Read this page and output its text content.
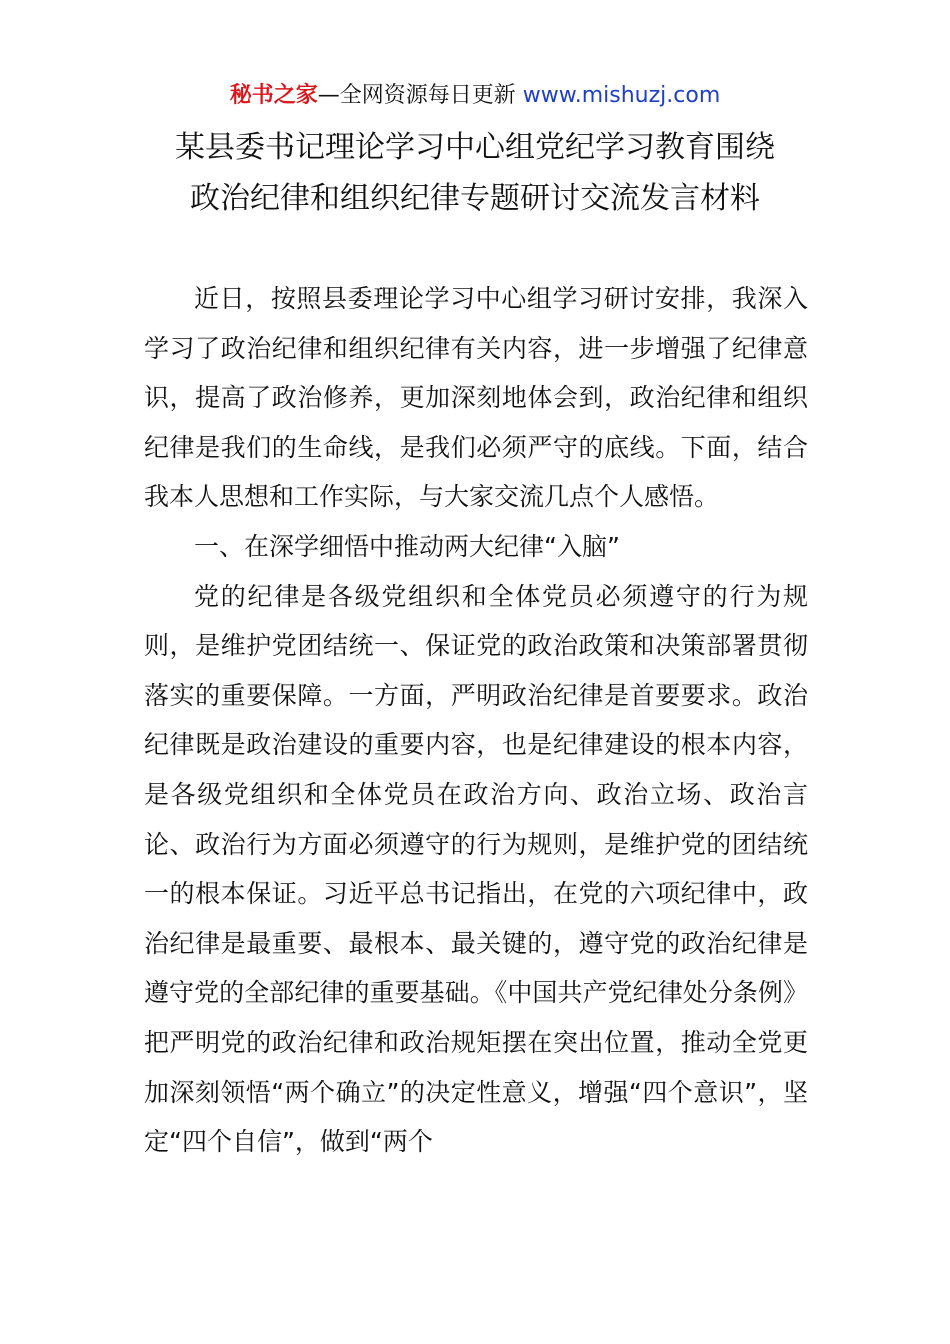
秘书之家—全网资源每日更新 www.mishuzj.com
某县委书记理论学习中心组党纪学习教育围绕
政治纪律和组织纪律专题研讨交流发言材料

近日，按照县委理论学习中心组学习研讨安排，我深入学习了政治纪律和组织纪律有关内容，进一步增强了纪律意识，提高了政治修养，更加深刻地体会到，政治纪律和组织纪律是我们的生命线，是我们必须严守的底线。下面，结合我本人思想和工作实际，与大家交流几点个人感悟。

一、在深学细悟中推动两大纪律“入脑”

党的纪律是各级党组织和全体党员必须遵守的行为规则，是维护党团结统一、保证党的政治政策和决策部署贯彻落实的重要保障。一方面，严明政治纪律是首要要求。政治纪律既是政治建设的重要内容，也是纪律建设的根本内容，是各级党组织和全体党员在政治方向、政治立场、政治言论、政治行为方面必须遵守的行为规则，是维护党的团结统一的根本保证。习近平总书记指出，在党的六项纪律中，政治纪律是最重要、最根本、最关键的，遵守党的政治纪律是遵守党的全部纪律的重要基础。《中国共产党纪律处分条例》把严明党的政治纪律和政治规矩摆在突出位置，推动全党更加深刻领悟“两个确立”的决定性意义，增强“四个意识”，坚定“四个自信”，做到“两个
